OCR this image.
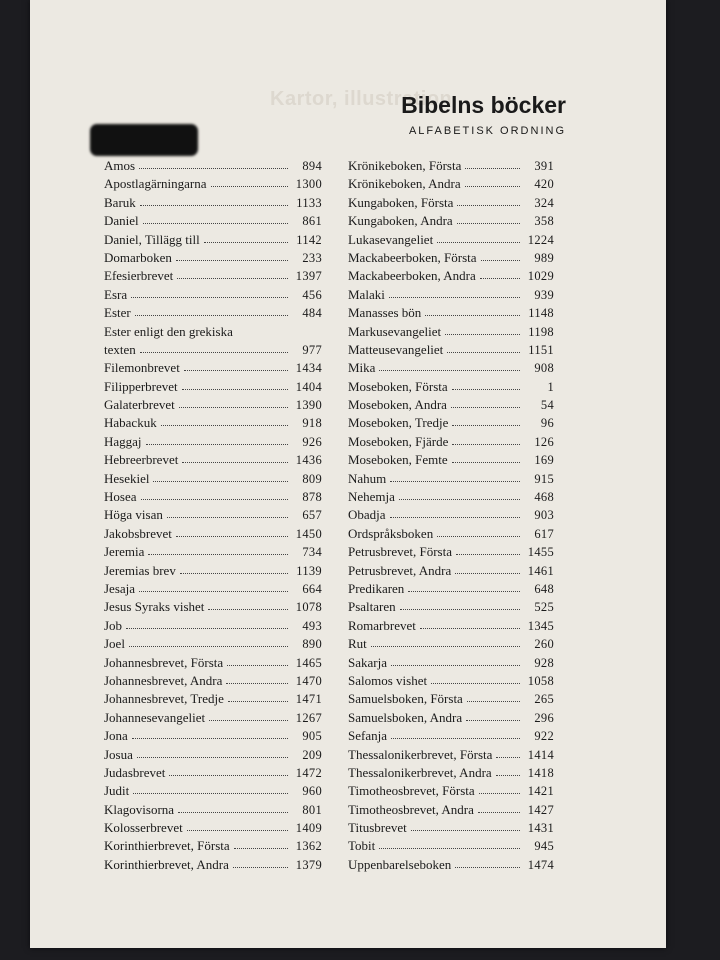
Kartor, illustration
Bibelns böcker
ALFABETISK ORDNING
Amos	894
Apostlagärningarna	1300
Baruk	1133
Daniel	861
Daniel, Tillägg till	1142
Domarboken	233
Efesierbrevet	1397
Esra	456
Ester	484
Ester enligt den grekiska
texten	977
Filemonbrevet	1434
Filipperbrevet	1404
Galaterbrevet	1390
Habackuk	918
Haggaj	926
Hebreerbrevet	1436
Hesekiel	809
Hosea	878
Höga visan	657
Jakobsbrevet	1450
Jeremia	734
Jeremias brev	1139
Jesaja	664
Jesus Syraks vishet	1078
Job	493
Joel	890
Johannesbrevet, Första	1465
Johannesbrevet, Andra	1470
Johannesbrevet, Tredje	1471
Johannesevangeliet	1267
Jona	905
Josua	209
Judasbrevet	1472
Judit	960
Klagovisorna	801
Kolosserbrevet	1409
Korinthierbrevet, Första	1362
Korinthierbrevet, Andra	1379
Krönikeboken, Första	391
Krönikeboken, Andra	420
Kungaboken, Första	324
Kungaboken, Andra	358
Lukasevangeliet	1224
Mackabeerboken, Första	989
Mackabeerboken, Andra	1029
Malaki	939
Manasses bön	1148
Markusevangeliet	1198
Matteusevangeliet	1151
Mika	908
Moseboken, Första	1
Moseboken, Andra	54
Moseboken, Tredje	96
Moseboken, Fjärde	126
Moseboken, Femte	169
Nahum	915
Nehemja	468
Obadja	903
Ordspråksboken	617
Petrusbrevet, Första	1455
Petrusbrevet, Andra	1461
Predikaren	648
Psaltaren	525
Romarbrevet	1345
Rut	260
Sakarja	928
Salomos vishet	1058
Samuelsboken, Första	265
Samuelsboken, Andra	296
Sefanja	922
Thessalonikerbrevet, Första	1414
Thessalonikerbrevet, Andra	1418
Timotheosbrevet, Första	1421
Timotheosbrevet, Andra	1427
Titusbrevet	1431
Tobit	945
Uppenbarelseboken	1474
